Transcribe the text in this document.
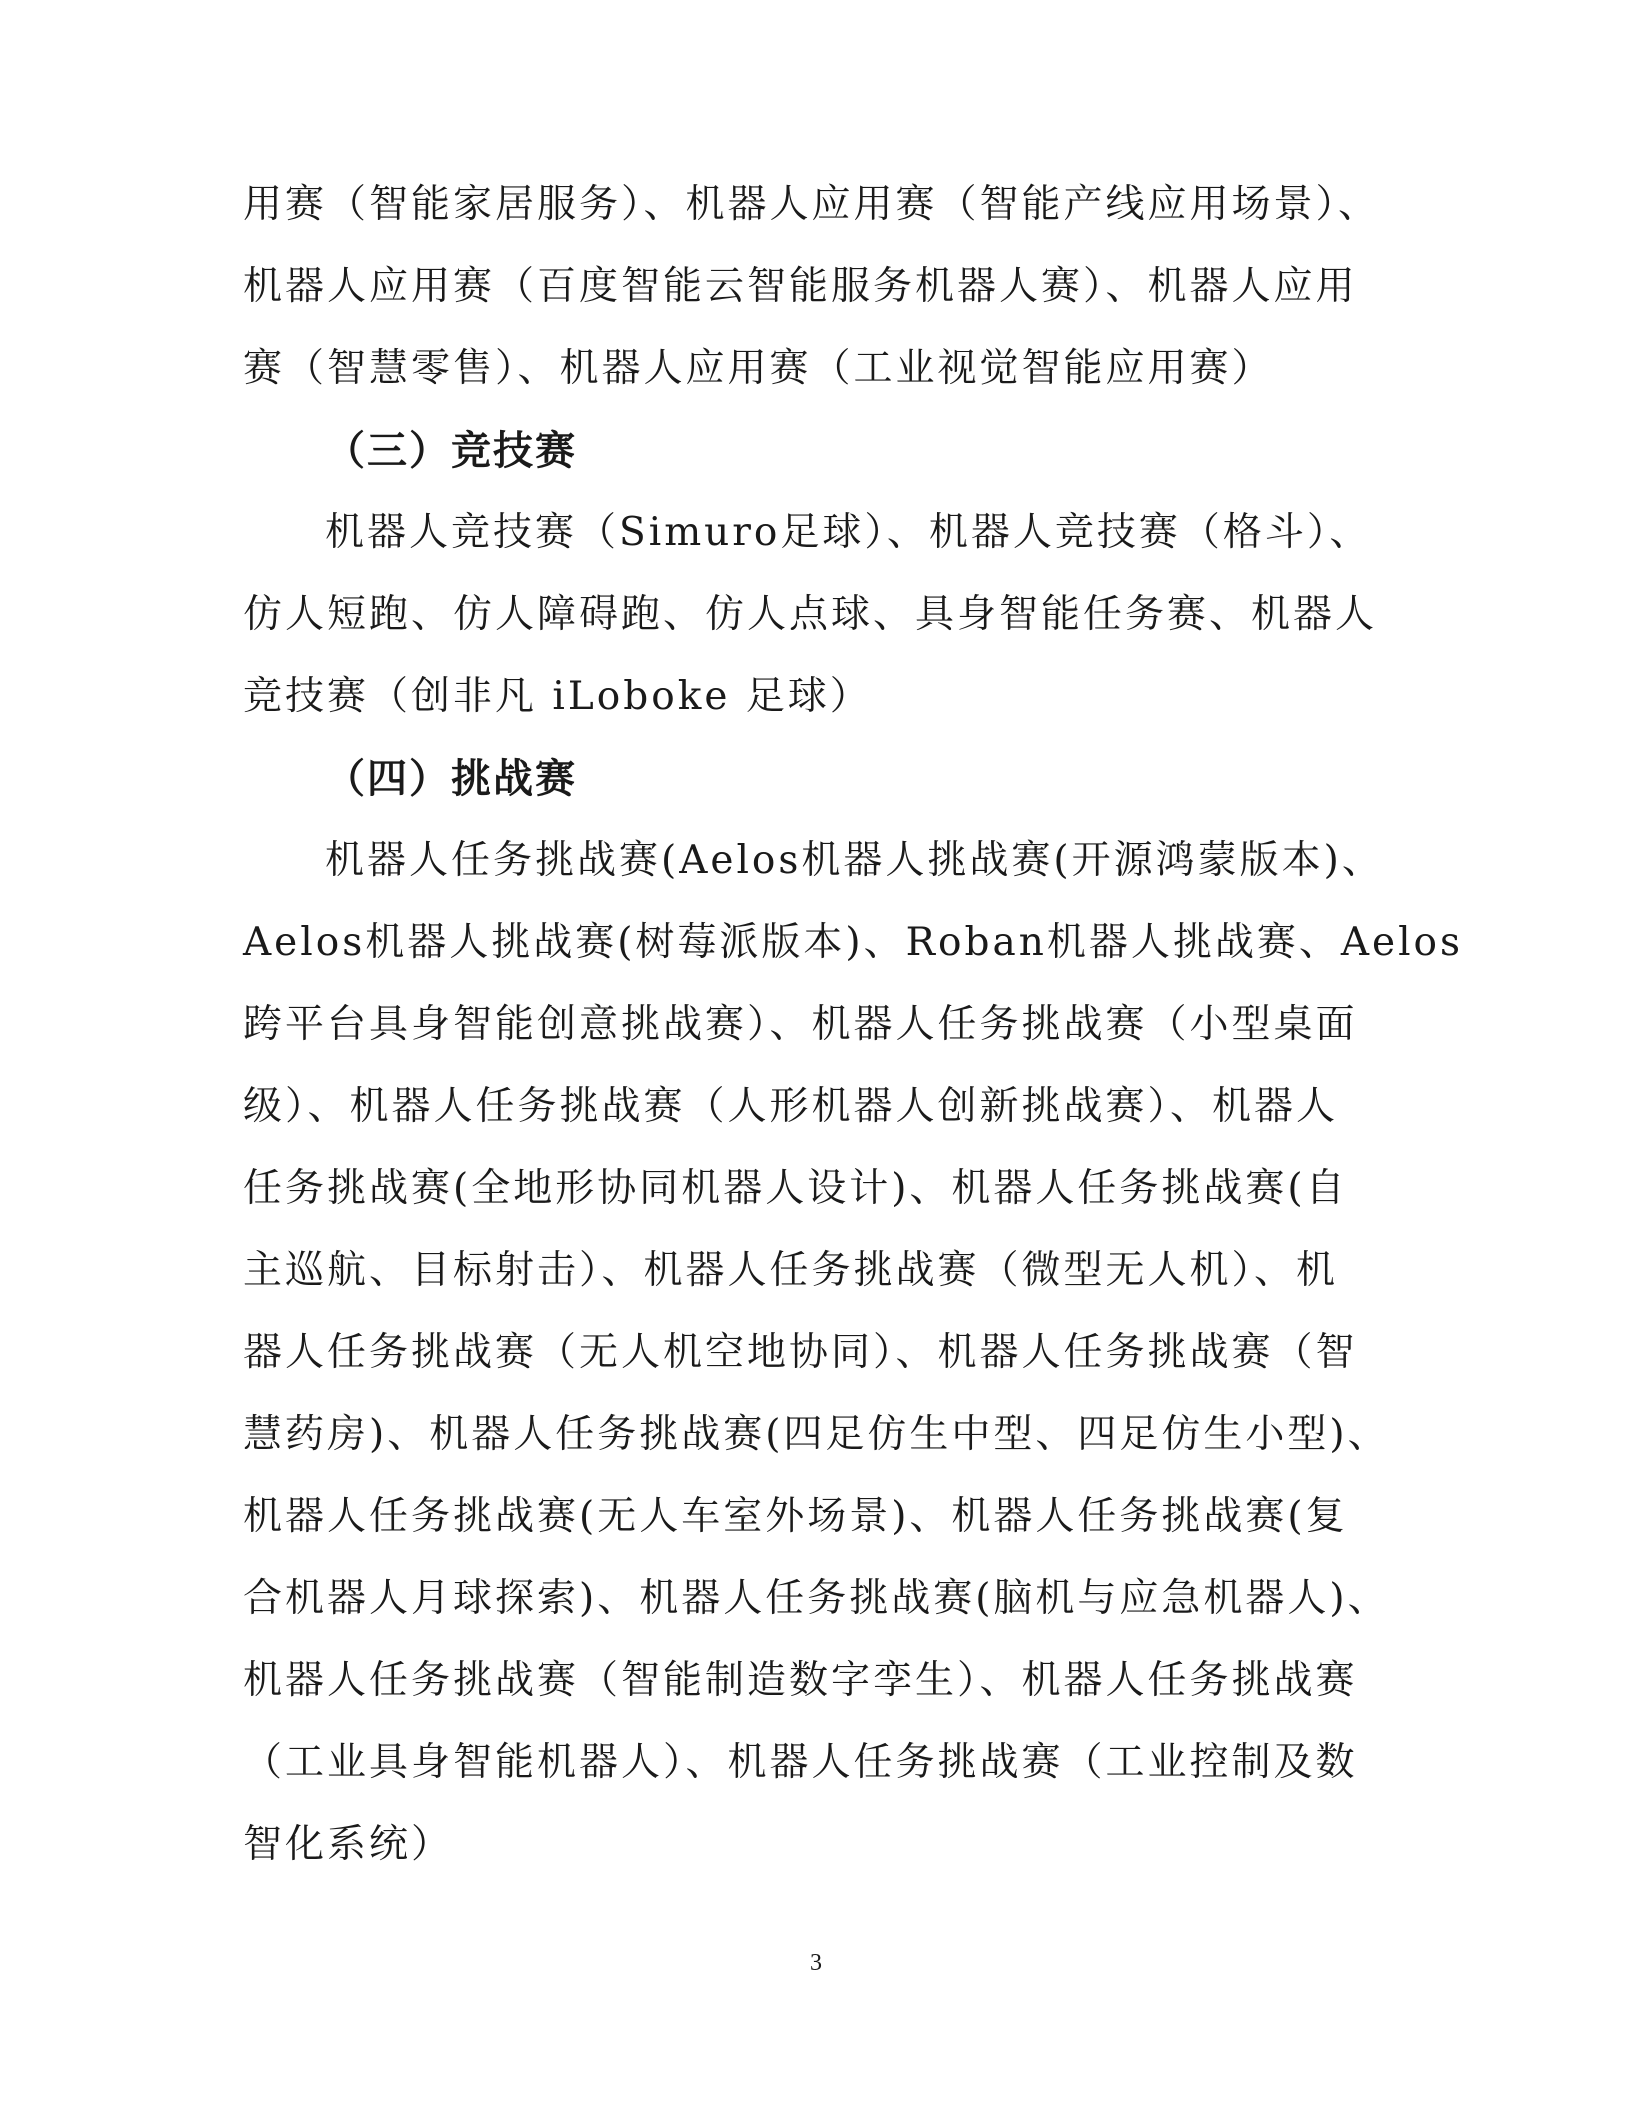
用赛（智能家居服务）、机器人应用赛（智能产线应用场景）、
机器人应用赛（百度智能云智能服务机器人赛）、机器人应用
赛（智慧零售）、机器人应用赛（工业视觉智能应用赛）
（三）竞技赛
机器人竞技赛（Simuro足球）、机器人竞技赛（格斗）、
仿人短跑、仿人障碍跑、仿人点球、具身智能任务赛、机器人
竞技赛（创非凡 iLoboke 足球）
（四）挑战赛
机器人任务挑战赛(Aelos机器人挑战赛(开源鸿蒙版本)、
Aelos机器人挑战赛(树莓派版本)、Roban机器人挑战赛、Aelos
跨平台具身智能创意挑战赛）、机器人任务挑战赛（小型桌面
级）、机器人任务挑战赛（人形机器人创新挑战赛）、机器人
任务挑战赛(全地形协同机器人设计)、机器人任务挑战赛(自
主巡航、目标射击）、机器人任务挑战赛（微型无人机）、机
器人任务挑战赛（无人机空地协同）、机器人任务挑战赛（智
慧药房)、机器人任务挑战赛(四足仿生中型、四足仿生小型)、
机器人任务挑战赛(无人车室外场景)、机器人任务挑战赛(复
合机器人月球探索)、机器人任务挑战赛(脑机与应急机器人)、
机器人任务挑战赛（智能制造数字孪生）、机器人任务挑战赛
（工业具身智能机器人）、机器人任务挑战赛（工业控制及数
智化系统）
3
